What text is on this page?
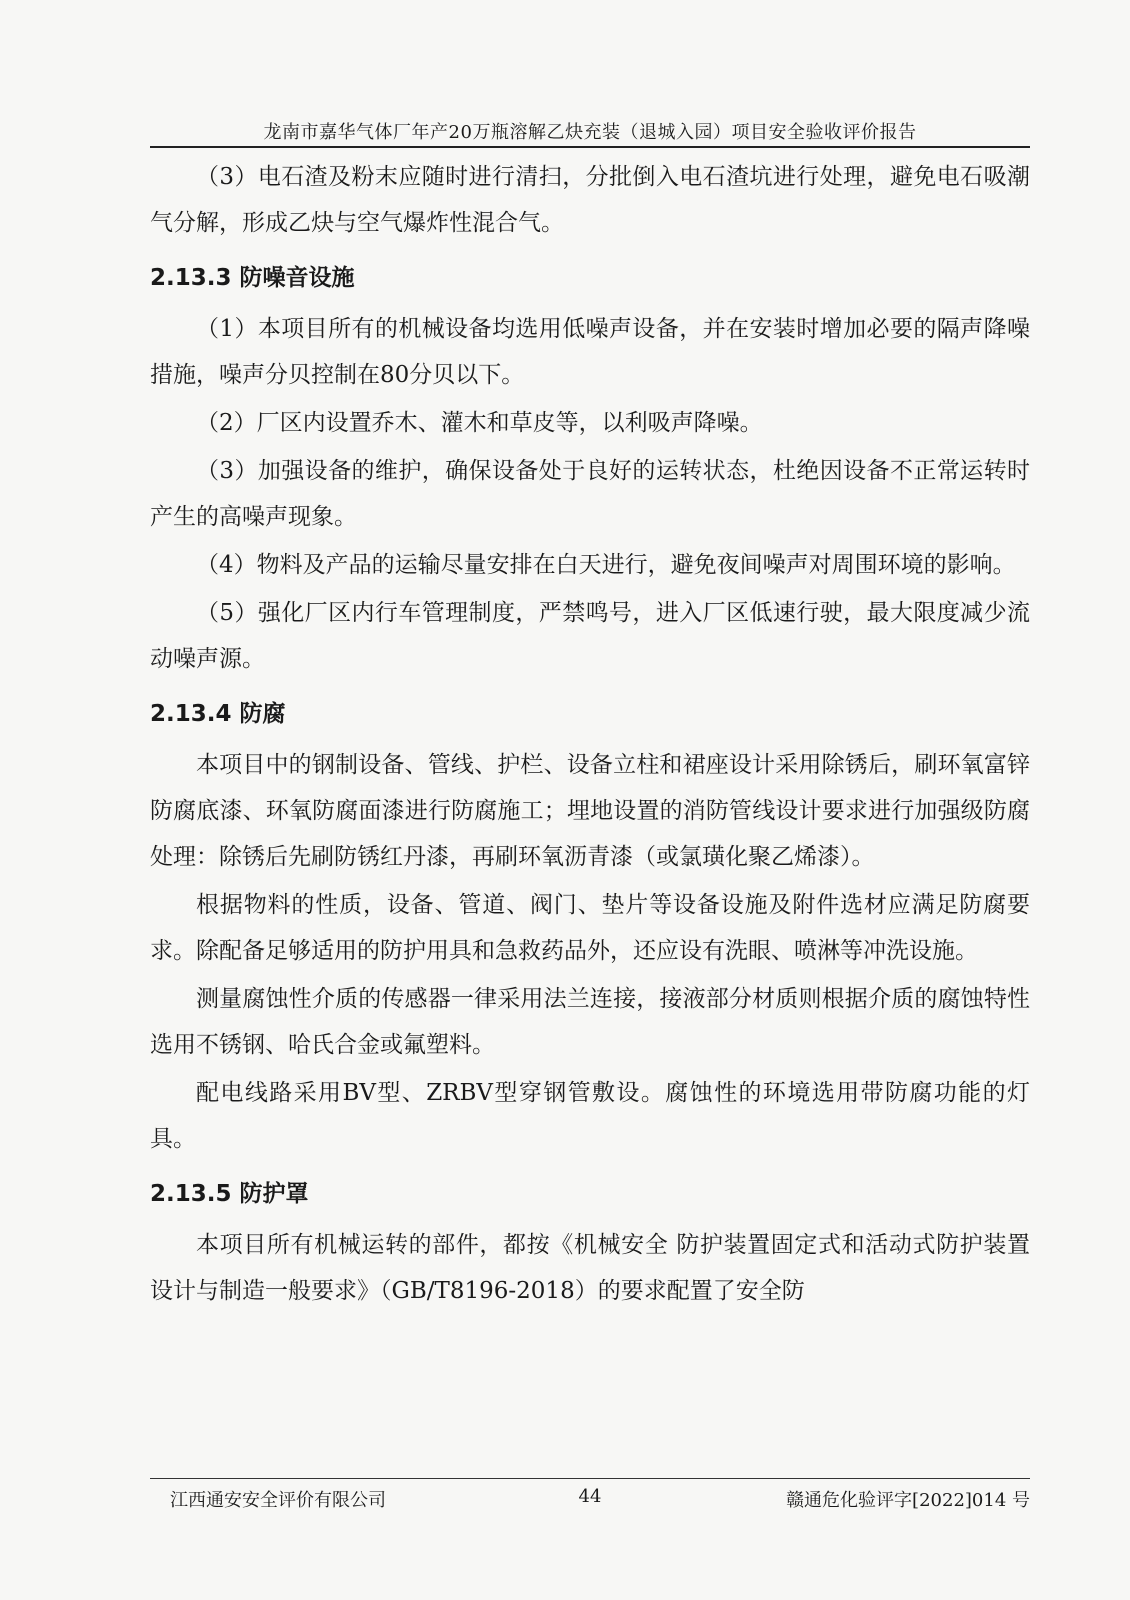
龙南市嘉华气体厂年产20万瓶溶解乙炔充装（退城入园）项目安全验收评价报告

（3）电石渣及粉末应随时进行清扫，分批倒入电石渣坑进行处理，避免电石吸潮气分解，形成乙炔与空气爆炸性混合气。

2.13.3 防噪音设施

（1）本项目所有的机械设备均选用低噪声设备，并在安装时增加必要的隔声降噪措施，噪声分贝控制在80分贝以下。

（2）厂区内设置乔木、灌木和草皮等，以利吸声降噪。

（3）加强设备的维护，确保设备处于良好的运转状态，杜绝因设备不正常运转时产生的高噪声现象。

（4）物料及产品的运输尽量安排在白天进行，避免夜间噪声对周围环境的影响。

（5）强化厂区内行车管理制度，严禁鸣号，进入厂区低速行驶，最大限度减少流动噪声源。

2.13.4 防腐

本项目中的钢制设备、管线、护栏、设备立柱和裙座设计采用除锈后，刷环氧富锌防腐底漆、环氧防腐面漆进行防腐施工；埋地设置的消防管线设计要求进行加强级防腐处理：除锈后先刷防锈红丹漆，再刷环氧沥青漆（或氯璜化聚乙烯漆）。

根据物料的性质，设备、管道、阀门、垫片等设备设施及附件选材应满足防腐要求。除配备足够适用的防护用具和急救药品外，还应设有洗眼、喷淋等冲洗设施。

测量腐蚀性介质的传感器一律采用法兰连接，接液部分材质则根据介质的腐蚀特性选用不锈钢、哈氏合金或氟塑料。

配电线路采用BV型、ZRBV型穿钢管敷设。腐蚀性的环境选用带防腐功能的灯具。

2.13.5 防护罩

本项目所有机械运转的部件，都按《机械安全 防护装置固定式和活动式防护装置设计与制造一般要求》（GB/T8196-2018）的要求配置了安全防

江西通安安全评价有限公司	44	赣通危化验评字[2022]014 号
